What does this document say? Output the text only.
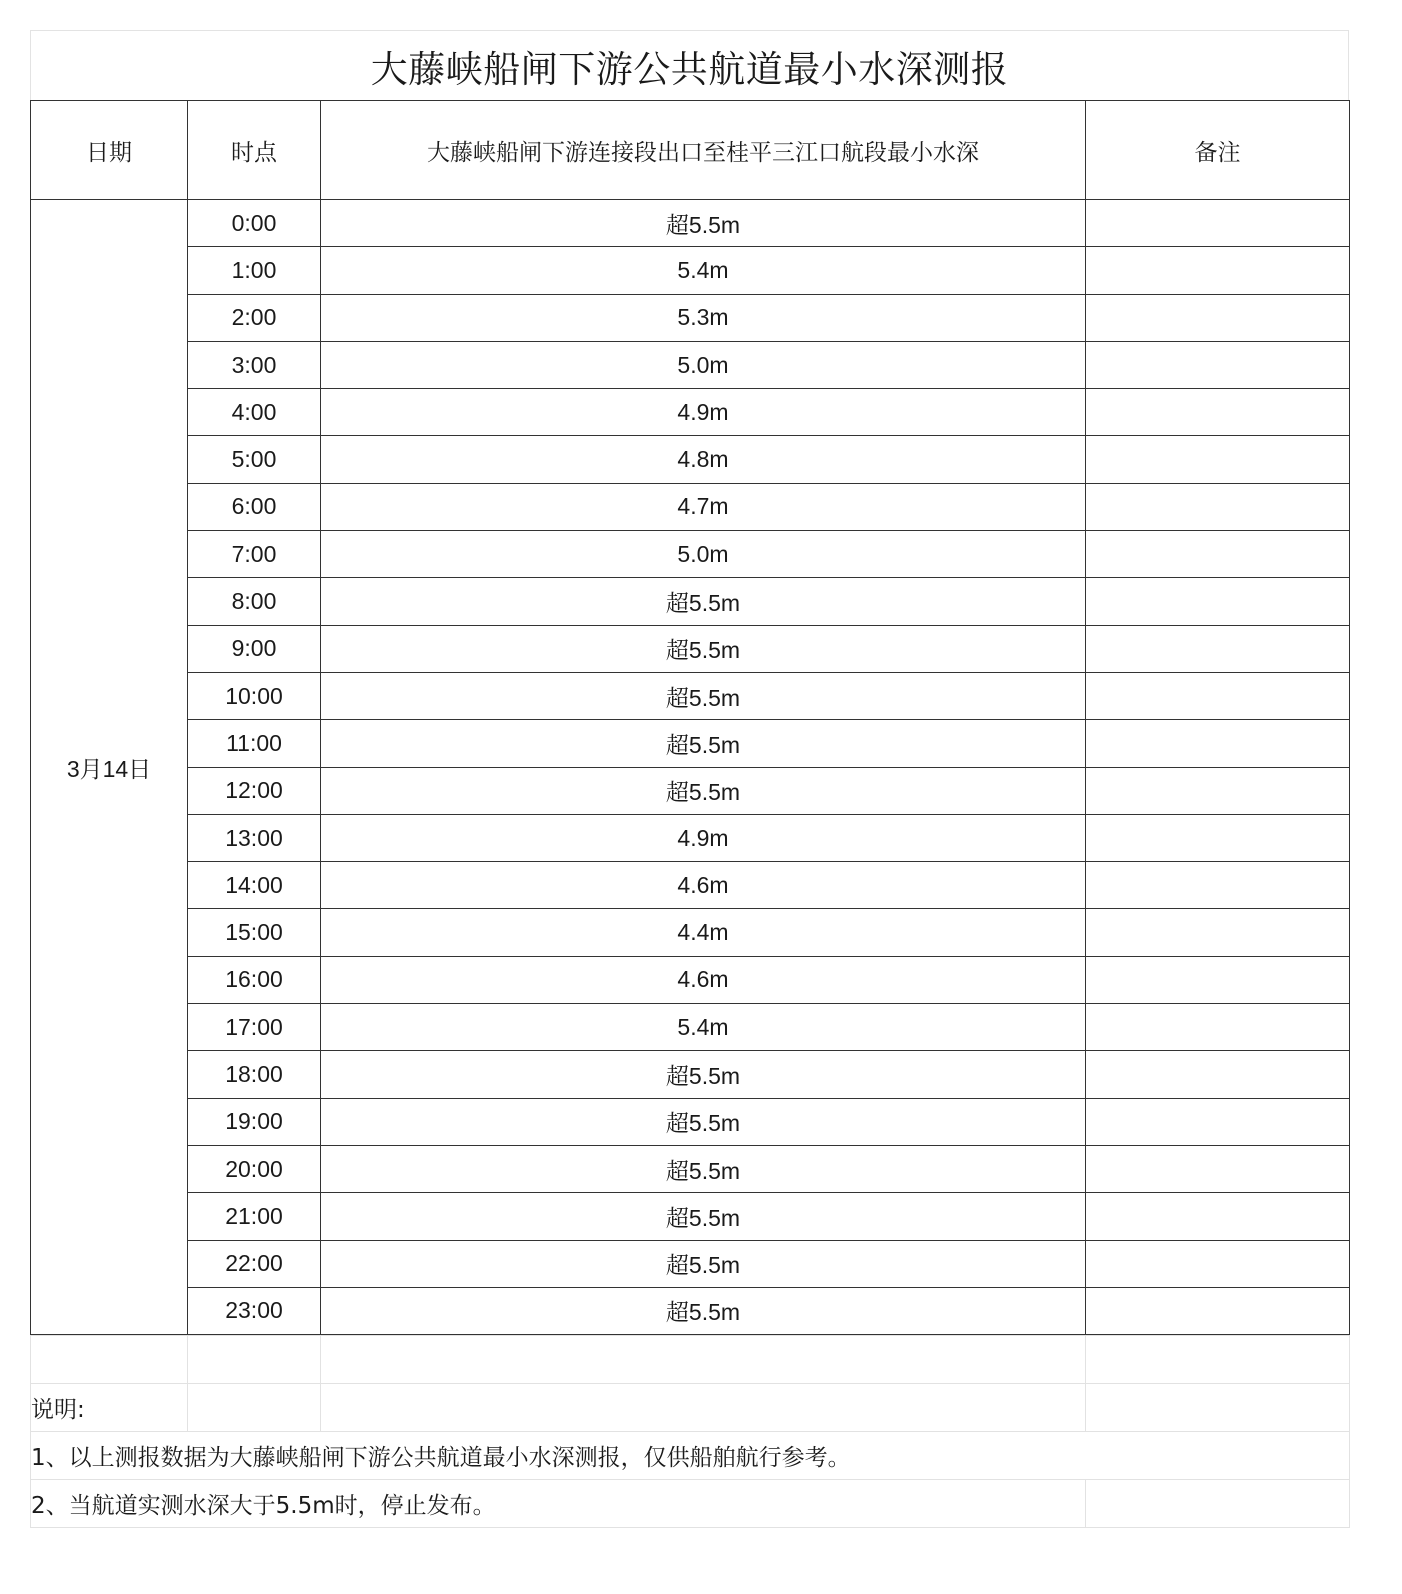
大藤峡船闸下游公共航道最小水深测报
日期	时点	大藤峡船闸下游连接段出口至桂平三江口航段最小水深	备注
3月14日	0:00	超5.5m	
	1:00	5.4m	
	2:00	5.3m	
	3:00	5.0m	
	4:00	4.9m	
	5:00	4.8m	
	6:00	4.7m	
	7:00	5.0m	
	8:00	超5.5m	
	9:00	超5.5m	
	10:00	超5.5m	
	11:00	超5.5m	
	12:00	超5.5m	
	13:00	4.9m	
	14:00	4.6m	
	15:00	4.4m	
	16:00	4.6m	
	17:00	5.4m	
	18:00	超5.5m	
	19:00	超5.5m	
	20:00	超5.5m	
	21:00	超5.5m	
	22:00	超5.5m	
	23:00	超5.5m	

说明:			
1、以上测报数据为大藤峡船闸下游公共航道最小水深测报，仅供船舶航行参考。			
2、当航道实测水深大于5.5m时，停止发布。			
